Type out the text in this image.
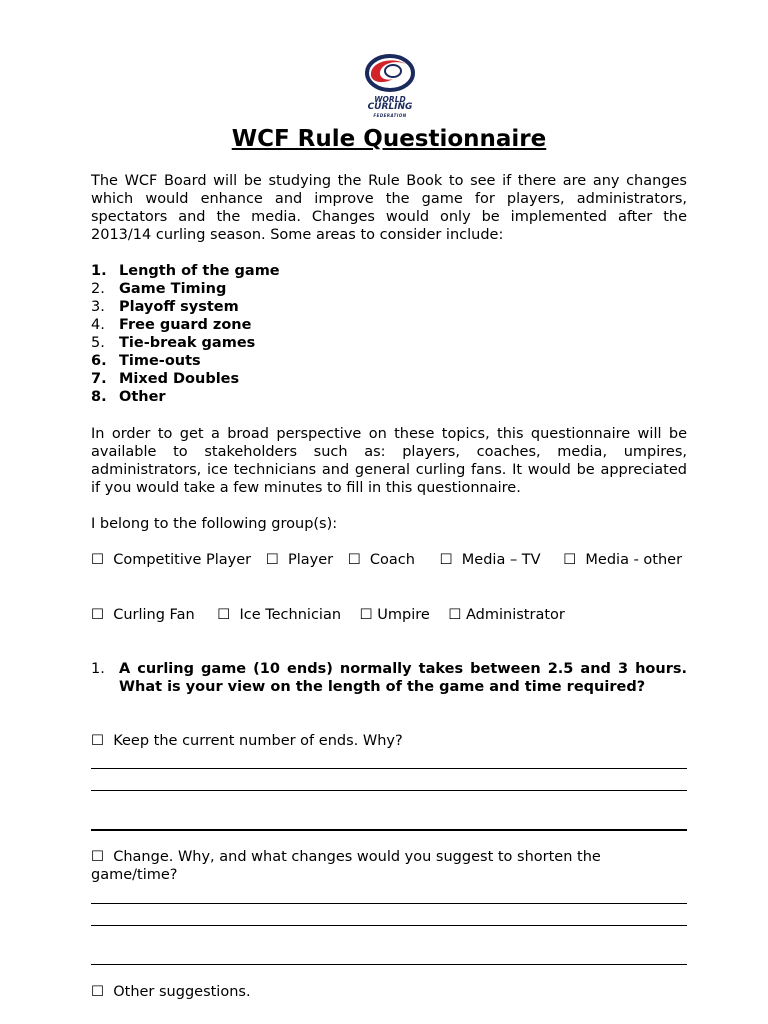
WORLD
CURLING
FEDERATION
WCF Rule Questionnaire
The WCF Board will be studying the Rule Book to see if there are any changes which would enhance and improve the game for players, administrators, spectators and the media. Changes would only be implemented after the 2013/14 curling season. Some areas to consider include:
1. Length of the game
2. Game Timing
3. Playoff system
4. Free guard zone
5. Tie-break games
6. Time-outs
7. Mixed Doubles
8. Other
In order to get a broad perspective on these topics, this questionnaire will be available to stakeholders such as: players, coaches, media, umpires, administrators, ice technicians and general curling fans. It would be appreciated if you would take a few minutes to fill in this questionnaire.
I belong to the following group(s):
☐ Competitive Player ☐ Player ☐ Coach ☐ Media – TV ☐ Media - other
☐ Curling Fan ☐ Ice Technician ☐ Umpire ☐ Administrator
1. A curling game (10 ends) normally takes between 2.5 and 3 hours. What is your view on the length of the game and time required?
☐ Keep the current number of ends. Why?
☐ Change. Why, and what changes would you suggest to shorten the game/time?
☐ Other suggestions.
